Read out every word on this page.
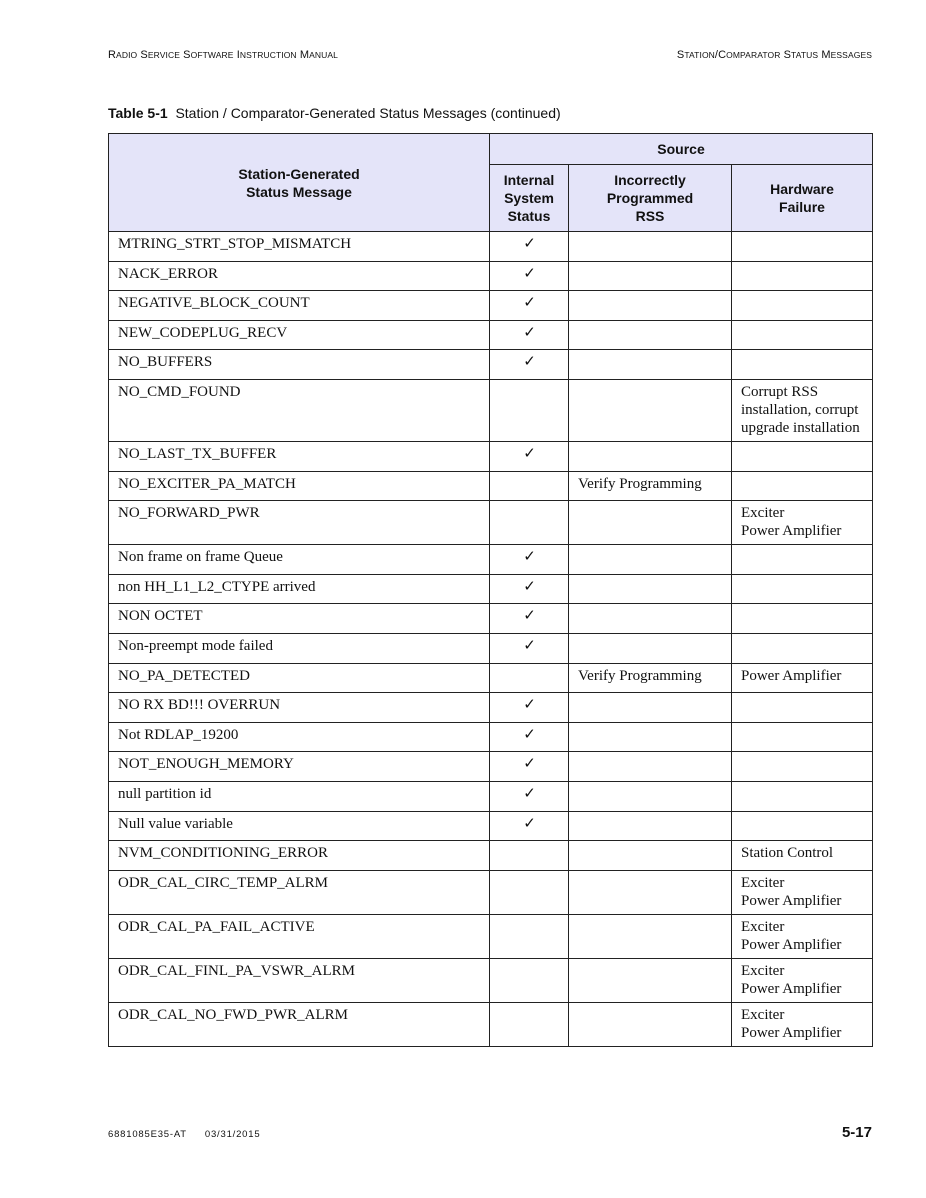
RADIO SERVICE SOFTWARE INSTRUCTION MANUAL	STATION/COMPARATOR STATUS MESSAGES
Table 5-1 Station / Comparator-Generated Status Messages (continued)
Station-Generated Status Message	Source		

	Internal System Status	Incorrectly Programmed RSS	Hardware Failure

MTRING_STRT_STOP_MISMATCH	✓		
NACK_ERROR	✓		
NEGATIVE_BLOCK_COUNT	✓		
NEW_CODEPLUG_RECV	✓		
NO_BUFFERS	✓		
NO_CMD_FOUND			Corrupt RSS
installation, corrupt
upgrade installation

NO_LAST_TX_BUFFER	✓		
NO_EXCITER_PA_MATCH		Verify Programming	
NO_FORWARD_PWR			Exciter
Power Amplifier

Non frame on frame Queue	✓		
non HH_L1_L2_CTYPE arrived	✓		
NON OCTET	✓		
Non-preempt mode failed	✓		
NO_PA_DETECTED		Verify Programming	Power Amplifier

NO RX BD!!! OVERRUN	✓		
Not RDLAP_19200	✓		
NOT_ENOUGH_MEMORY	✓		
null partition id	✓		
Null value variable	✓		
NVM_CONDITIONING_ERROR			Station Control

ODR_CAL_CIRC_TEMP_ALRM			Exciter
Power Amplifier

ODR_CAL_PA_FAIL_ACTIVE			Exciter
Power Amplifier

ODR_CAL_FINL_PA_VSWR_ALRM			Exciter
Power Amplifier

ODR_CAL_NO_FWD_PWR_ALRM			Exciter
Power Amplifier
6881085E35-AT 03/31/2015	5-17
